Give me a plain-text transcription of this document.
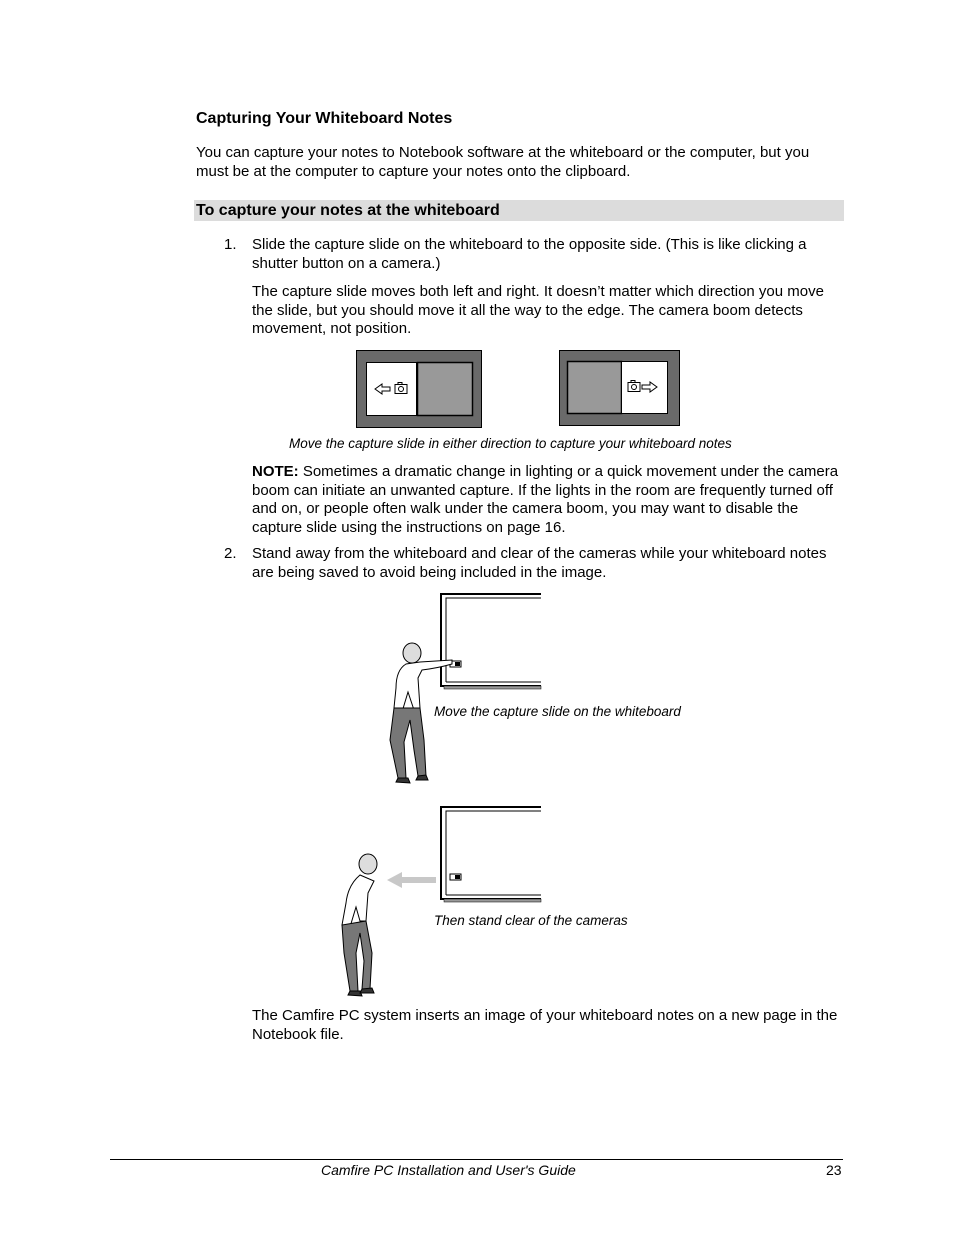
Capturing Your Whiteboard Notes
You can capture your notes to Notebook software at the whiteboard or the computer, but you must be at the computer to capture your notes onto the clipboard.
To capture your notes at the whiteboard
1.	Slide the capture slide on the whiteboard to the opposite side. (This is like clicking a shutter button on a camera.)
The capture slide moves both left and right. It doesn’t matter which direction you move the slide, but you should move it all the way to the edge. The camera boom detects movement, not position.
Move the capture slide in either direction to capture your whiteboard notes
NOTE: Sometimes a dramatic change in lighting or a quick movement under the camera boom can initiate an unwanted capture. If the lights in the room are frequently turned off and on, or people often walk under the camera boom, you may want to disable the capture slide using the instructions on page 16.
2.	Stand away from the whiteboard and clear of the cameras while your whiteboard notes are being saved to avoid being included in the image.
Move the capture slide on the whiteboard
Then stand clear of the cameras
The Camfire PC system inserts an image of your whiteboard notes on a new page in the Notebook file.
Camfire PC Installation and User's Guide	23
